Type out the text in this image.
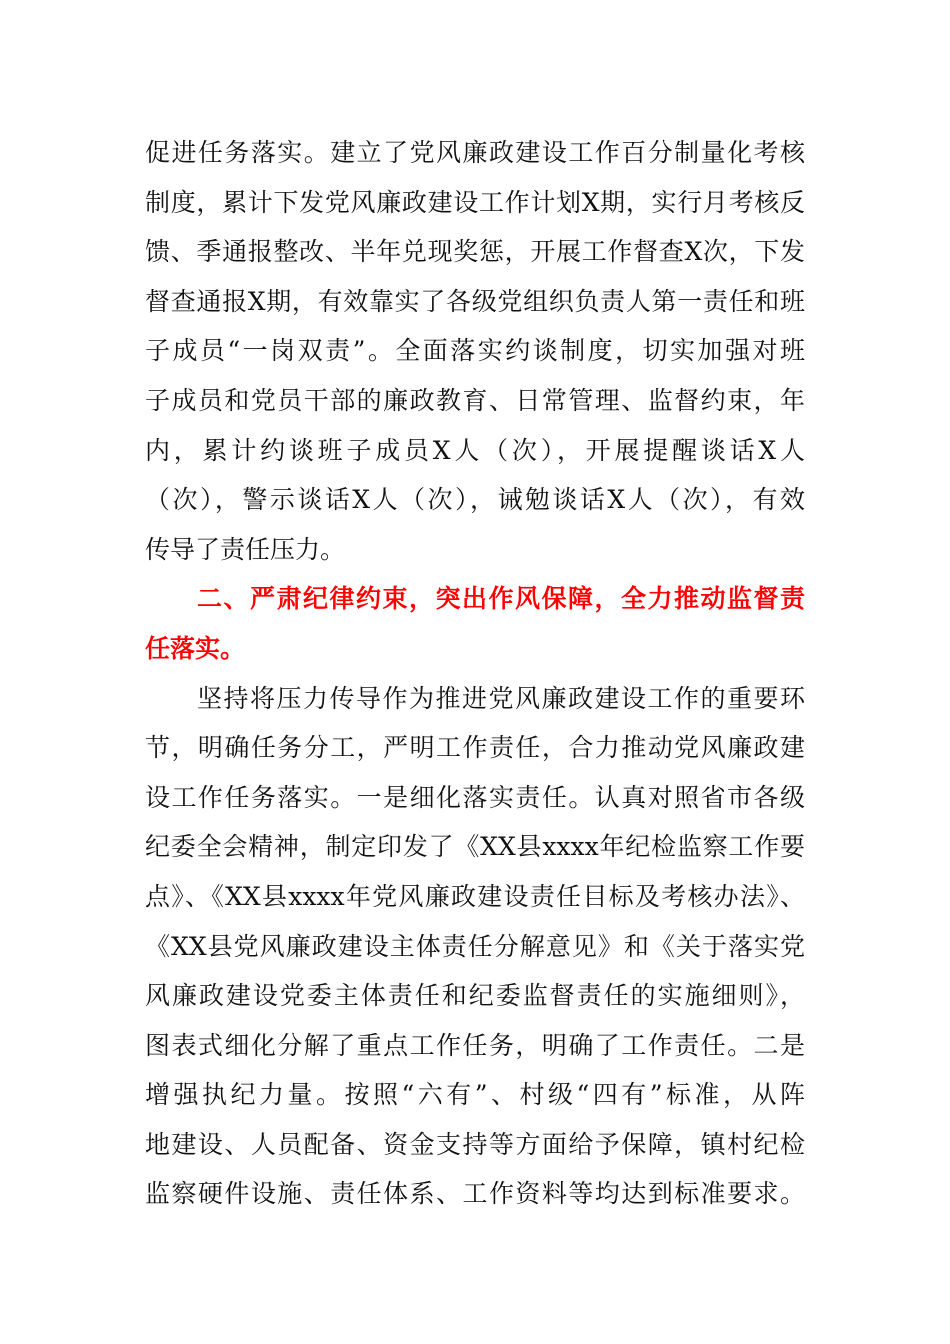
促进任务落实。建立了党风廉政建设工作百分制量化考核
制度，累计下发党风廉政建设工作计划X期，实行月考核反
馈、季通报整改、半年兑现奖惩，开展工作督查X次，下发
督查通报X期，有效靠实了各级党组织负责人第一责任和班
子成员“一岗双责”。全面落实约谈制度，切实加强对班
子成员和党员干部的廉政教育、日常管理、监督约束，年
内，累计约谈班子成员X人（次），开展提醒谈话X人
（次），警示谈话X人（次），诫勉谈话X人（次），有效
传导了责任压力。
二、严肃纪律约束，突出作风保障，全力推动监督责
任落实。
坚持将压力传导作为推进党风廉政建设工作的重要环
节，明确任务分工，严明工作责任，合力推动党风廉政建
设工作任务落实。一是细化落实责任。认真对照省市各级
纪委全会精神，制定印发了《XX县xxxx年纪检监察工作要
点》、《XX县xxxx年党风廉政建设责任目标及考核办法》、
《XX县党风廉政建设主体责任分解意见》和《关于落实党
风廉政建设党委主体责任和纪委监督责任的实施细则》，
图表式细化分解了重点工作任务，明确了工作责任。二是
增强执纪力量。按照“六有”、村级“四有”标准，从阵
地建设、人员配备、资金支持等方面给予保障，镇村纪检
监察硬件设施、责任体系、工作资料等均达到标准要求。
